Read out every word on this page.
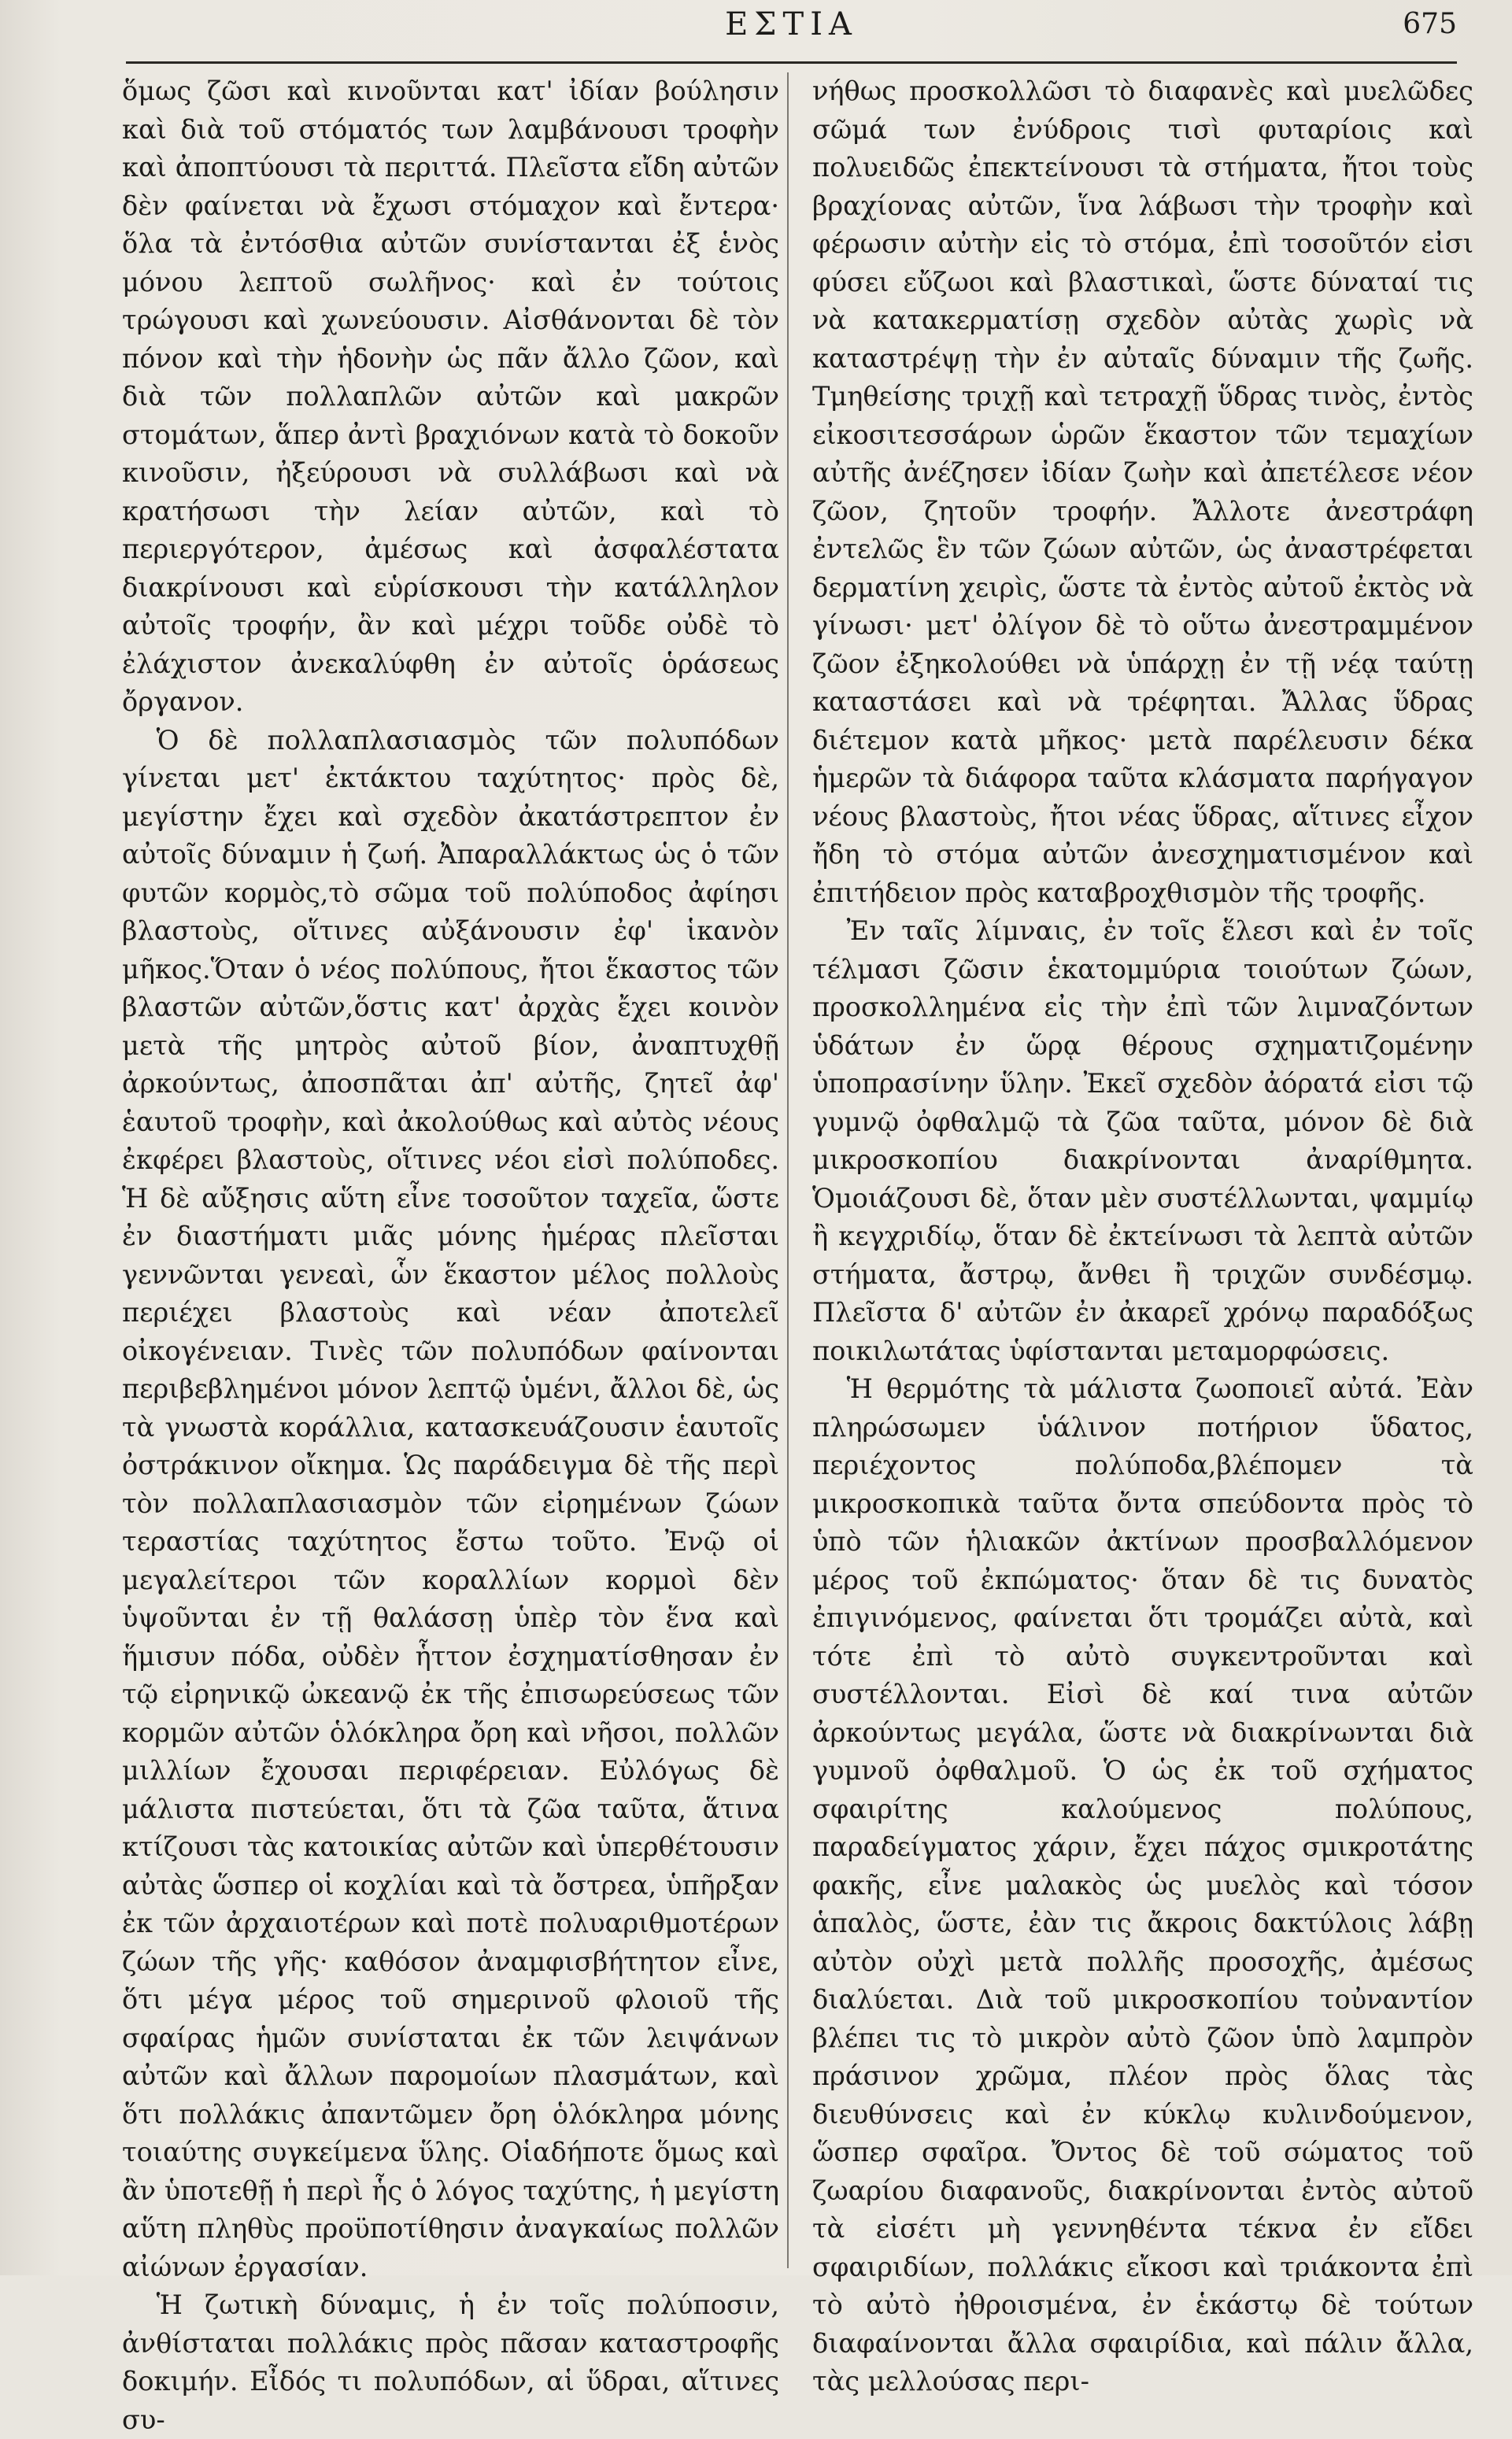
ΕΣΤΙΑ	675

ὅμως ζῶσι καὶ κινοῦνται κατ' ἰδίαν βούλησιν καὶ διὰ τοῦ στόματός των λαμβάνουσι τροφὴν καὶ ἀποπτύουσι τὰ περιττά. Πλεῖστα εἴδη αὐτῶν δὲν φαίνεται νὰ ἔχωσι στόμαχον καὶ ἔντερα· ὅλα τὰ ἐντόσθια αὐτῶν συνίστανται ἐξ ἑνὸς μόνου λεπτοῦ σωλῆνος· καὶ ἐν τούτοις τρώγουσι καὶ χωνεύουσιν. Αἰσθάνονται δὲ τὸν πόνον καὶ τὴν ἡδονὴν ὡς πᾶν ἄλλο ζῶον, καὶ διὰ τῶν πολλαπλῶν αὐτῶν καὶ μακρῶν στομάτων, ἅπερ ἀντὶ βραχιόνων κατὰ τὸ δοκοῦν κινοῦσιν, ἠξεύρουσι νὰ συλλάβωσι καὶ νὰ κρατήσωσι τὴν λείαν αὐτῶν, καὶ τὸ περιεργότερον, ἀμέσως καὶ ἀσφαλέστατα διακρίνουσι καὶ εὑρίσκουσι τὴν κατάλληλον αὐτοῖς τροφήν, ἂν καὶ μέχρι τοῦδε οὐδὲ τὸ ἐλάχιστον ἀνεκαλύφθη ἐν αὐτοῖς ὁράσεως ὄργανον.

Ὁ δὲ πολλαπλασιασμὸς τῶν πολυπόδων γίνεται μετ' ἐκτάκτου ταχύτητος· πρὸς δὲ, μεγίστην ἔχει καὶ σχεδὸν ἀκατάστρεπτον ἐν αὐτοῖς δύναμιν ἡ ζωή. Ἀπαραλλάκτως ὡς ὁ τῶν φυτῶν κορμὸς,τὸ σῶμα τοῦ πολύποδος ἀφίησι βλαστοὺς, οἵτινες αὐξάνουσιν ἐφ' ἱκανὸν μῆκος.Ὅταν ὁ νέος πολύπους, ἤτοι ἕκαστος τῶν βλαστῶν αὐτῶν,ὅστις κατ' ἀρχὰς ἔχει κοινὸν μετὰ τῆς μητρὸς αὐτοῦ βίον, ἀναπτυχθῇ ἀρκούντως, ἀποσπᾶται ἀπ' αὐτῆς, ζητεῖ ἀφ' ἑαυτοῦ τροφὴν, καὶ ἀκολούθως καὶ αὐτὸς νέους ἐκφέρει βλαστοὺς, οἵτινες νέοι εἰσὶ πολύποδες. Ἡ δὲ αὔξησις αὕτη εἶνε τοσοῦτον ταχεῖα, ὥστε ἐν διαστήματι μιᾶς μόνης ἡμέρας πλεῖσται γεννῶνται γενεαὶ, ὧν ἕκαστον μέλος πολλοὺς περιέχει βλαστοὺς καὶ νέαν ἀποτελεῖ οἰκογένειαν. Τινὲς τῶν πολυπόδων φαίνονται περιβεβλημένοι μόνον λεπτῷ ὑμένι, ἄλλοι δὲ, ὡς τὰ γνωστὰ κοράλλια, κατασκευάζουσιν ἑαυτοῖς ὀστράκινον οἴκημα. Ὡς παράδειγμα δὲ τῆς περὶ τὸν πολλαπλασιασμὸν τῶν εἰρημένων ζώων τεραστίας ταχύτητος ἔστω τοῦτο. Ἐνῷ οἱ μεγαλείτεροι τῶν κοραλλίων κορμοὶ δὲν ὑψοῦνται ἐν τῇ θαλάσσῃ ὑπὲρ τὸν ἕνα καὶ ἥμισυν πόδα, οὐδὲν ἧττον ἐσχηματίσθησαν ἐν τῷ εἰρηνικῷ ὠκεανῷ ἐκ τῆς ἐπισωρεύσεως τῶν κορμῶν αὐτῶν ὁλόκληρα ὄρη καὶ νῆσοι, πολλῶν μιλλίων ἔχουσαι περιφέρειαν. Εὐλόγως δὲ μάλιστα πιστεύεται, ὅτι τὰ ζῶα ταῦτα, ἅτινα κτίζουσι τὰς κατοικίας αὐτῶν καὶ ὑπερθέτουσιν αὐτὰς ὥσπερ οἱ κοχλίαι καὶ τὰ ὄστρεα, ὑπῆρξαν ἐκ τῶν ἀρχαιοτέρων καὶ ποτὲ πολυαριθμοτέρων ζώων τῆς γῆς· καθόσον ἀναμφισβήτητον εἶνε, ὅτι μέγα μέρος τοῦ σημερινοῦ φλοιοῦ τῆς σφαίρας ἡμῶν συνίσταται ἐκ τῶν λειψάνων αὐτῶν καὶ ἄλλων παρομοίων πλασμάτων, καὶ ὅτι πολλάκις ἀπαντῶμεν ὄρη ὁλόκληρα μόνης τοιαύτης συγκείμενα ὕλης. Οἱαδήποτε ὅμως καὶ ἂν ὑποτεθῇ ἡ περὶ ἧς ὁ λόγος ταχύτης, ἡ μεγίστη αὕτη πληθὺς προϋποτίθησιν ἀναγκαίως πολλῶν αἰώνων ἐργασίαν.

Ἡ ζωτικὴ δύναμις, ἡ ἐν τοῖς πολύποσιν, ἀνθίσταται πολλάκις πρὸς πᾶσαν καταστροφῆς δοκιμήν. Εἶδός τι πολυπόδων, αἱ ὕδραι, αἵτινες συ-

νήθως προσκολλῶσι τὸ διαφανὲς καὶ μυελῶδες σῶμά των ἐνύδροις τισὶ φυταρίοις καὶ πολυειδῶς ἐπεκτείνουσι τὰ στήματα, ἤτοι τοὺς βραχίονας αὐτῶν, ἵνα λάβωσι τὴν τροφὴν καὶ φέρωσιν αὐτὴν εἰς τὸ στόμα, ἐπὶ τοσοῦτόν εἰσι φύσει εὔζωοι καὶ βλαστικαὶ, ὥστε δύναταί τις νὰ κατακερματίσῃ σχεδὸν αὐτὰς χωρὶς νὰ καταστρέψῃ τὴν ἐν αὐταῖς δύναμιν τῆς ζωῆς. Τμηθείσης τριχῇ καὶ τετραχῇ ὕδρας τινὸς, ἐντὸς εἰκοσιτεσσάρων ὡρῶν ἕκαστον τῶν τεμαχίων αὐτῆς ἀνέζησεν ἰδίαν ζωὴν καὶ ἀπετέλεσε νέον ζῶον, ζητοῦν τροφήν. Ἄλλοτε ἀνεστράφη ἐντελῶς ἓν τῶν ζώων αὐτῶν, ὡς ἀναστρέφεται δερματίνη χειρὶς, ὥστε τὰ ἐντὸς αὐτοῦ ἐκτὸς νὰ γίνωσι· μετ' ὀλίγον δὲ τὸ οὕτω ἀνεστραμμένον ζῶον ἐξηκολούθει νὰ ὑπάρχῃ ἐν τῇ νέᾳ ταύτῃ καταστάσει καὶ νὰ τρέφηται. Ἄλλας ὕδρας διέτεμον κατὰ μῆκος· μετὰ παρέλευσιν δέκα ἡμερῶν τὰ διάφορα ταῦτα κλάσματα παρήγαγον νέους βλαστοὺς, ἤτοι νέας ὕδρας, αἵτινες εἶχον ἤδη τὸ στόμα αὐτῶν ἀνεσχηματισμένον καὶ ἐπιτήδειον πρὸς καταβροχθισμὸν τῆς τροφῆς.

Ἐν ταῖς λίμναις, ἐν τοῖς ἕλεσι καὶ ἐν τοῖς τέλμασι ζῶσιν ἑκατομμύρια τοιούτων ζώων, προσκολλημένα εἰς τὴν ἐπὶ τῶν λιμναζόντων ὑδάτων ἐν ὥρᾳ θέρους σχηματιζομένην ὑποπρασίνην ὕλην. Ἐκεῖ σχεδὸν ἀόρατά εἰσι τῷ γυμνῷ ὀφθαλμῷ τὰ ζῶα ταῦτα, μόνον δὲ διὰ μικροσκοπίου διακρίνονται ἀναρίθμητα. Ὁμοιάζουσι δὲ, ὅταν μὲν συστέλλωνται, ψαμμίῳ ἢ κεγχριδίῳ, ὅταν δὲ ἐκτείνωσι τὰ λεπτὰ αὐτῶν στήματα, ἄστρῳ, ἄνθει ἢ τριχῶν συνδέσμῳ. Πλεῖστα δ' αὐτῶν ἐν ἀκαρεῖ χρόνῳ παραδόξως ποικιλωτάτας ὑφίστανται μεταμορφώσεις.

Ἡ θερμότης τὰ μάλιστα ζωοποιεῖ αὐτά. Ἐὰν πληρώσωμεν ὑάλινον ποτήριον ὕδατος, περιέχοντος πολύποδα,βλέπομεν τὰ μικροσκοπικὰ ταῦτα ὄντα σπεύδοντα πρὸς τὸ ὑπὸ τῶν ἡλιακῶν ἀκτίνων προσβαλλόμενον μέρος τοῦ ἐκπώματος· ὅταν δὲ τις δυνατὸς ἐπιγινόμενος, φαίνεται ὅτι τρομάζει αὐτὰ, καὶ τότε ἐπὶ τὸ αὐτὸ συγκεντροῦνται καὶ συστέλλονται. Εἰσὶ δὲ καί τινα αὐτῶν ἀρκούντως μεγάλα, ὥστε νὰ διακρίνωνται διὰ γυμνοῦ ὀφθαλμοῦ. Ὁ ὡς ἐκ τοῦ σχήματος σφαιρίτης καλούμενος πολύπους, παραδείγματος χάριν, ἔχει πάχος σμικροτάτης φακῆς, εἶνε μαλακὸς ὡς μυελὸς καὶ τόσον ἁπαλὸς, ὥστε, ἐὰν τις ἄκροις δακτύλοις λάβῃ αὐτὸν οὐχὶ μετὰ πολλῆς προσοχῆς, ἀμέσως διαλύεται. Διὰ τοῦ μικροσκοπίου τοὐναντίον βλέπει τις τὸ μικρὸν αὐτὸ ζῶον ὑπὸ λαμπρὸν πράσινον χρῶμα, πλέον πρὸς ὅλας τὰς διευθύνσεις καὶ ἐν κύκλῳ κυλινδούμενον, ὥσπερ σφαῖρα. Ὄντος δὲ τοῦ σώματος τοῦ ζωαρίου διαφανοῦς, διακρίνονται ἐντὸς αὐτοῦ τὰ εἰσέτι μὴ γεννηθέντα τέκνα ἐν εἴδει σφαιριδίων, πολλάκις εἴκοσι καὶ τριάκοντα ἐπὶ τὸ αὐτὸ ἠθροισμένα, ἐν ἑκάστῳ δὲ τούτων διαφαίνονται ἄλλα σφαιρίδια, καὶ πάλιν ἄλλα, τὰς μελλούσας περι-
